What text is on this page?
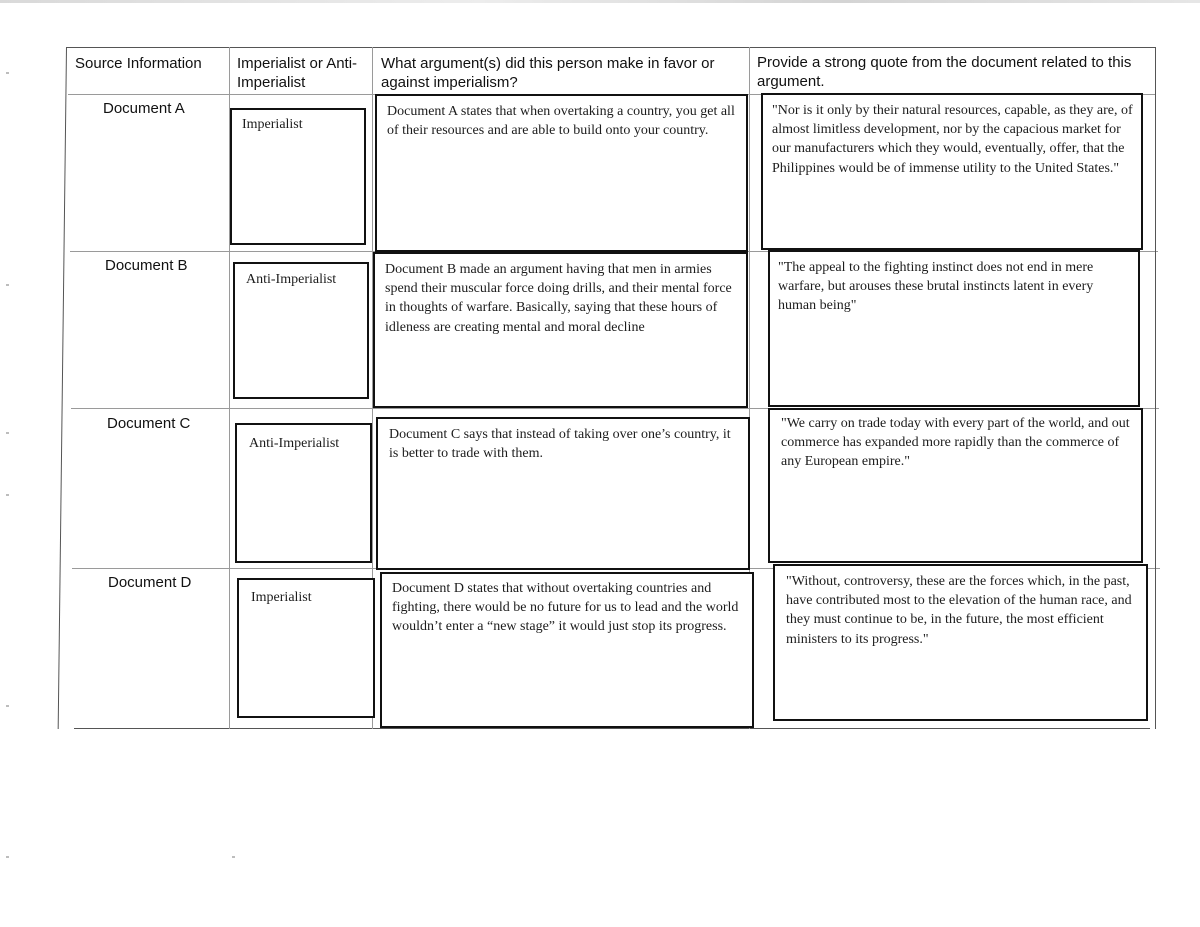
Source Information	Imperialist or Anti-Imperialist
What argument(s) did this person make in favor or against imperialism?
Provide a strong quote from the document related to this argument.
Document A
Imperialist
Document A states that when overtaking a country, you get all of their resources and are able to build onto your country.
"Nor is it only by their natural resources, capable, as they are, of almost limitless development, nor by the capacious market for our manufacturers which they would, eventually, offer, that the Philippines would be of immense utility to the United States."
Document B
Anti-Imperialist
Document B made an argument having that men in armies spend their muscular force doing drills, and their mental force in thoughts of warfare. Basically, saying that these hours of idleness are creating mental and moral decline
"The appeal to the fighting instinct does not end in mere warfare, but arouses these brutal instincts latent in every human being"
Document C
Anti-Imperialist
Document C says that instead of taking over one’s country, it is better to trade with them.
"We carry on trade today with every part of the world, and out commerce has expanded more rapidly than the commerce of any European empire."
Document D
Imperialist
Document D states that without overtaking countries and fighting, there would be no future for us to lead and the world wouldn’t enter a “new stage” it would just stop its progress.
"Without, controversy, these are the forces which, in the past, have contributed most to the elevation of the human race, and they must continue to be, in the future, the most efficient ministers to its progress."
